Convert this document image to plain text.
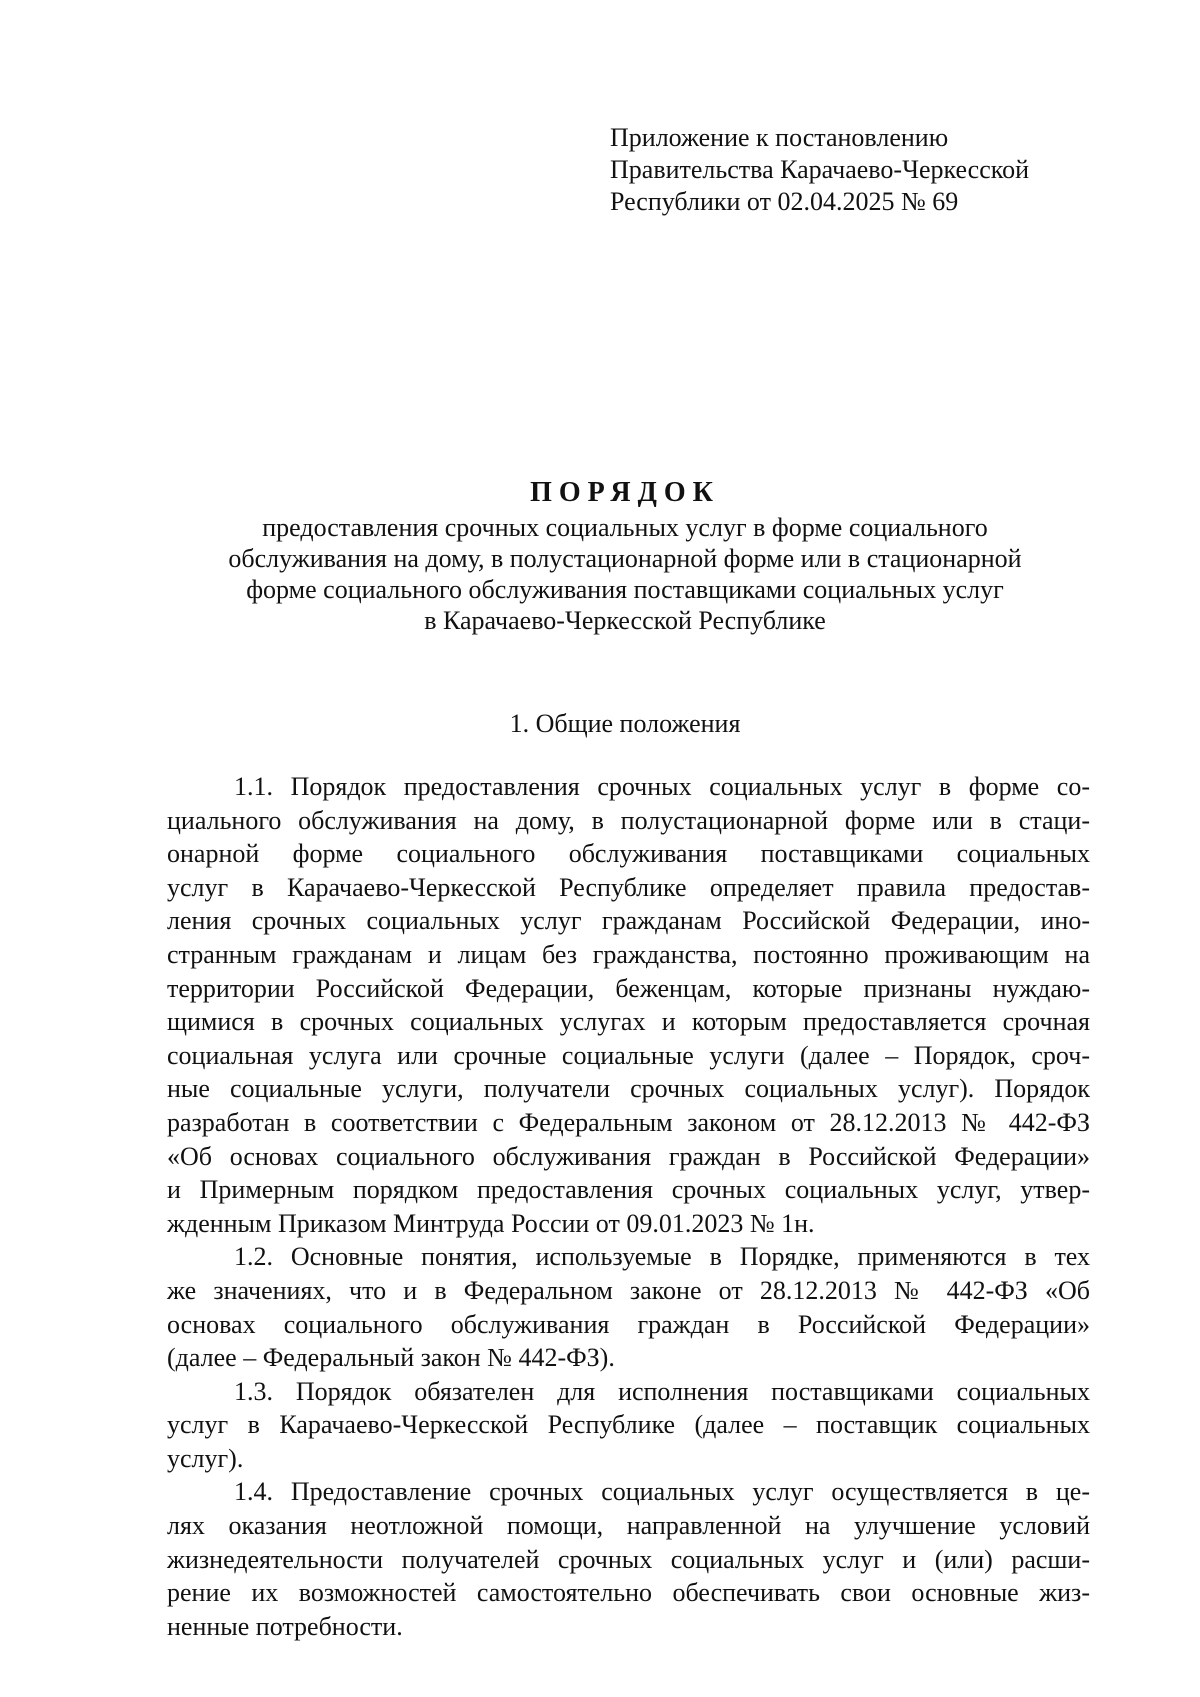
Приложение к постановлению
Правительства Карачаево-Черкесской
Республики от 02.04.2025 № 69
ПОРЯДОК
предоставления срочных социальных услуг в форме социального
обслуживания на дому, в полустационарной форме или в стационарной
форме социального обслуживания поставщиками социальных услуг
в Карачаево-Черкесской Республике
1. Общие положения
1.1. Порядок предоставления срочных социальных услуг в форме со-
циального обслуживания на дому, в полустационарной форме или в стаци-
онарной форме социального обслуживания поставщиками социальных
услуг в Карачаево-Черкесской Республике определяет правила предостав-
ления срочных социальных услуг гражданам Российской Федерации, ино-
странным гражданам и лицам без гражданства, постоянно проживающим на
территории Российской Федерации, беженцам, которые признаны нуждаю-
щимися в срочных социальных услугах и которым предоставляется срочная
социальная услуга или срочные социальные услуги (далее – Порядок, сроч-
ные социальные услуги, получатели срочных социальных услуг). Порядок
разработан в соответствии с Федеральным законом от 28.12.2013 № 442-ФЗ
«Об основах социального обслуживания граждан в Российской Федерации»
и Примерным порядком предоставления срочных социальных услуг, утвер-
жденным Приказом Минтруда России от 09.01.2023 № 1н.
1.2. Основные понятия, используемые в Порядке, применяются в тех
же значениях, что и в Федеральном законе от 28.12.2013 № 442-ФЗ «Об
основах социального обслуживания граждан в Российской Федерации»
(далее – Федеральный закон № 442-ФЗ).
1.3. Порядок обязателен для исполнения поставщиками социальных
услуг в Карачаево-Черкесской Республике (далее – поставщик социальных
услуг).
1.4. Предоставление срочных социальных услуг осуществляется в це-
лях оказания неотложной помощи, направленной на улучшение условий
жизнедеятельности получателей срочных социальных услуг и (или) расши-
рение их возможностей самостоятельно обеспечивать свои основные жиз-
ненные потребности.
